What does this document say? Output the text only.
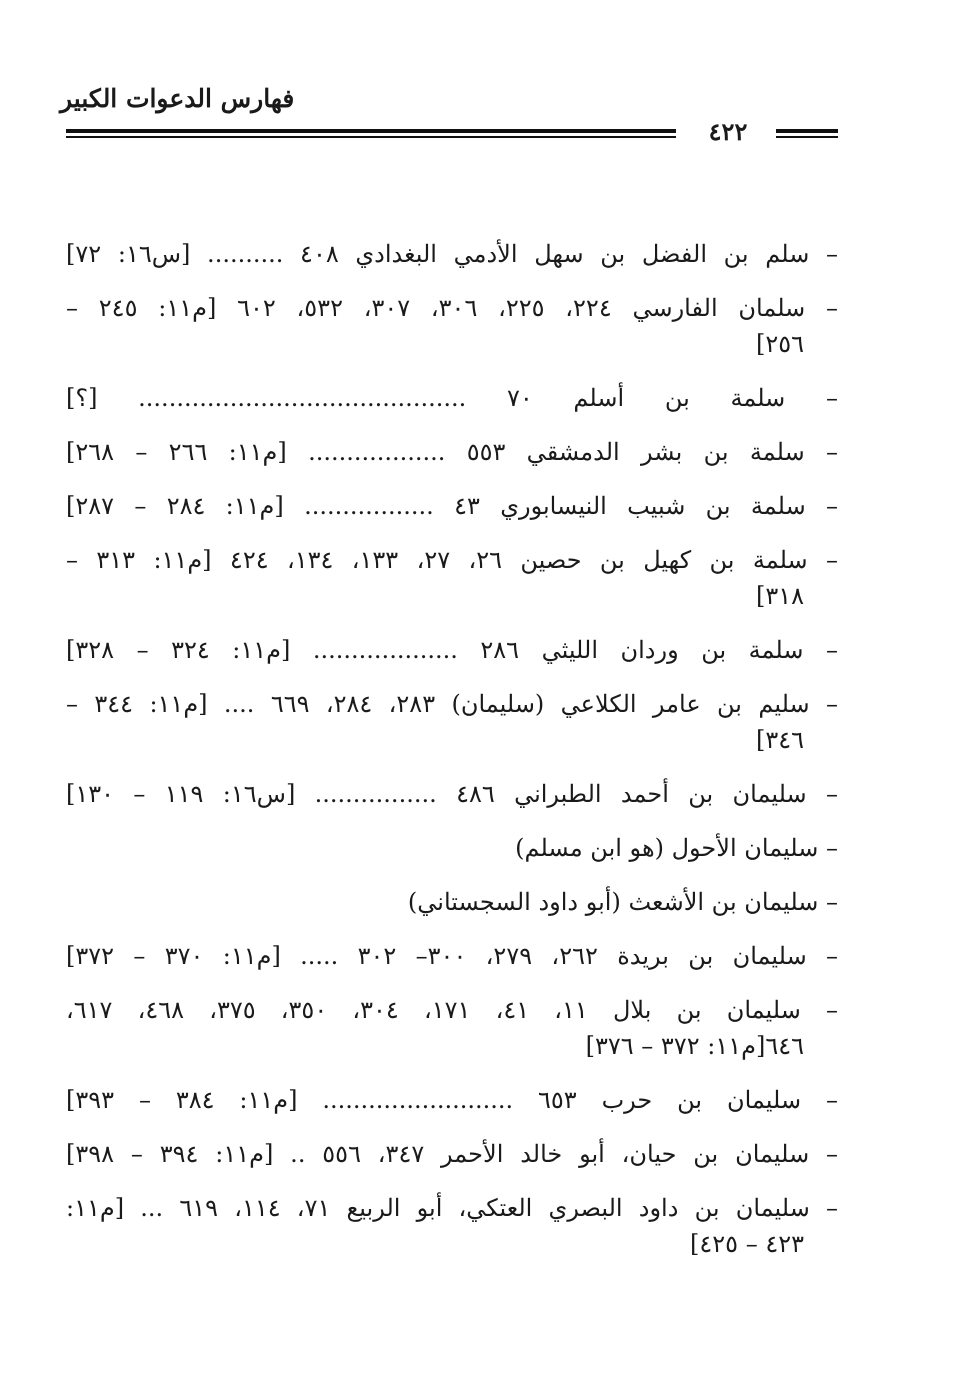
فهارس الدعوات الكبير
٤٢٢
– سلم بن الفضل بن سهل الأدمي البغدادي ٤٠٨ .......... [س١٦: ٧٢]
– سلمان الفارسي ٢٢٤، ٢٢٥، ٣٠٦، ٣٠٧، ٥٣٢، ٦٠٢ [م١١: ٢٤٥ –
٢٥٦]
– سلمة بن أسلم ٧٠ ........................................... [؟]
– سلمة بن بشر الدمشقي ٥٥٣ .................. [م١١: ٢٦٦ – ٢٦٨]
– سلمة بن شبيب النيسابوري ٤٣ ................. [م١١: ٢٨٤ – ٢٨٧]
– سلمة بن كهيل بن حصين ٢٦، ٢٧، ١٣٣، ١٣٤، ٤٢٤ [م١١: ٣١٣ –
٣١٨]
– سلمة بن وردان الليثي ٢٨٦ ................... [م١١: ٣٢٤ – ٣٢٨]
– سليم بن عامر الكلاعي (سليمان) ٢٨٣، ٢٨٤، ٦٦٩ .... [م١١: ٣٤٤ –
٣٤٦]
– سليمان بن أحمد الطبراني ٤٨٦ ................ [س١٦: ١١٩ – ١٣٠]
– سليمان الأحول (هو ابن مسلم)
– سليمان بن الأشعث (أبو داود السجستاني)
– سليمان بن بريدة ٢٦٢، ٢٧٩، ٣٠٠– ٣٠٢ ..... [م١١: ٣٧٠ – ٣٧٢]
– سليمان بن بلال ١١، ٤١، ١٧١، ٣٠٤، ٣٥٠، ٣٧٥، ٤٦٨، ٦١٧،
٦٤٦[م١١: ٣٧٢ – ٣٧٦]
– سليمان بن حرب ٦٥٣ ......................... [م١١: ٣٨٤ – ٣٩٣]
– سليمان بن حيان، أبو خالد الأحمر ٣٤٧، ٥٥٦ .. [م١١: ٣٩٤ – ٣٩٨]
– سليمان بن داود البصري العتكي، أبو الربيع ٧١، ١١٤، ٦١٩ ... [م١١:
٤٢٣ – ٤٢٥]
